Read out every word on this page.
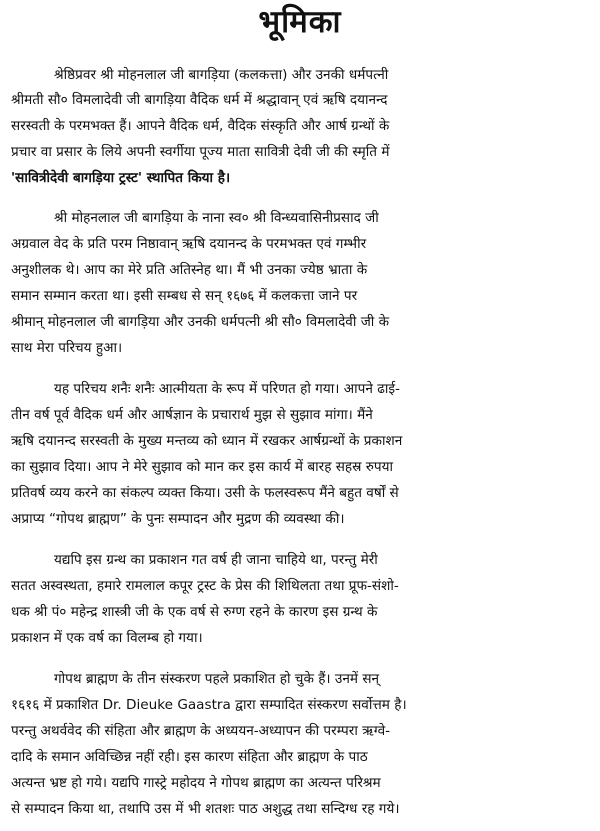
भूमिका
श्रेष्ठिप्रवर श्री मोहनलाल जी बागड़िया (कलकत्ता) और उनकी धर्मपत्नी
श्रीमती सौ० विमलादेवी जी बागड़िया वैदिक धर्म में श्रद्धावान् एवं ऋषि दयानन्द
सरस्वती के परमभक्त हैं। आपने वैदिक धर्म, वैदिक संस्कृति और आर्ष ग्रन्थों के
प्रचार वा प्रसार के लिये अपनी स्वर्गीया पूज्य माता सावित्री देवी जी की स्मृति में
'सावित्रीदेवी बागड़िया ट्रस्ट' स्थापित किया है।
श्री मोहनलाल जी बागड़िया के नाना स्व० श्री विन्ध्यवासिनीप्रसाद जी
अग्रवाल वेद के प्रति परम निष्ठावान् ऋषि दयानन्द के परमभक्त एवं गम्भीर
अनुशीलक थे। आप का मेरे प्रति अतिस्नेह था। मैं भी उनका ज्येष्ठ भ्राता के
समान सम्मान करता था। इसी सम्बध से सन् १६७६ में कलकत्ता जाने पर
श्रीमान् मोहनलाल जी बागड़िया और उनकी धर्मपत्नी श्री सौ० विमलादेवी जी के
साथ मेरा परिचय हुआ।
यह परिचय शनैः शनैः आत्मीयता के रूप में परिणत हो गया। आपने ढाई-
तीन वर्ष पूर्व वैदिक धर्म और आर्षज्ञान के प्रचारार्थ मुझ से सुझाव मांगा। मैंने
ऋषि दयानन्द सरस्वती के मुख्य मन्तव्य को ध्यान में रखकर आर्षग्रन्थों के प्रकाशन
का सुझाव दिया। आप ने मेरे सुझाव को मान कर इस कार्य में बारह सहस्र रुपया
प्रतिवर्ष व्यय करने का संकल्प व्यक्त किया। उसी के फलस्वरूप मैंने बहुत वर्षों से
अप्राप्य “गोपथ ब्राह्मण” के पुनः सम्पादन और मुद्रण की व्यवस्था की।
यद्यपि इस ग्रन्थ का प्रकाशन गत वर्ष ही जाना चाहिये था, परन्तु मेरी
सतत अस्वस्थता, हमारे रामलाल कपूर ट्रस्ट के प्रेस की शिथिलता तथा प्रूफ-संशो-
धक श्री पं० महेन्द्र शास्त्री जी के एक वर्ष से रुग्ण रहने के कारण इस ग्रन्थ के
प्रकाशन में एक वर्ष का विलम्ब हो गया।
गोपथ ब्राह्मण के तीन संस्करण पहले प्रकाशित हो चुके हैं। उनमें सन्
१६१६ में प्रकाशित Dr. Dieuke Gaastra द्वारा सम्पादित संस्करण सर्वोत्तम है।
परन्तु अथर्ववेद की संहिता और ब्राह्मण के अध्ययन-अध्यापन की परम्परा ऋग्वे-
दादि के समान अविच्छिन्न नहीं रही। इस कारण संहिता और ब्राह्मण के पाठ
अत्यन्त भ्रष्ट हो गये। यद्यपि गास्ट्रे महोदय ने गोपथ ब्राह्मण का अत्यन्त परिश्रम
से सम्पादन किया था, तथापि उस में भी शतशः पाठ अशुद्ध तथा सन्दिग्ध रह गये।
